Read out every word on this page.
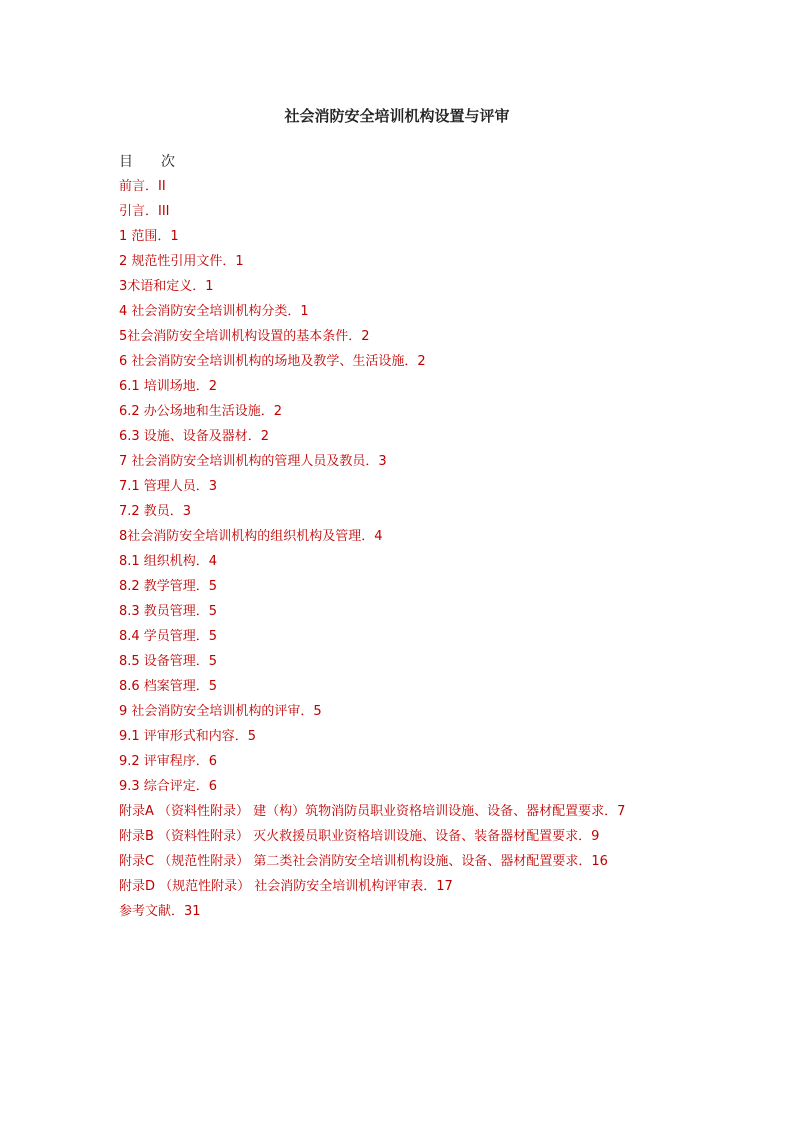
社会消防安全培训机构设置与评审
目 次
前言．II
引言．III
1 范围．1
2 规范性引用文件．1
3术语和定义．1
4 社会消防安全培训机构分类．1
5社会消防安全培训机构设置的基本条件．2
6 社会消防安全培训机构的场地及教学、生活设施．2
6.1 培训场地．2
6.2 办公场地和生活设施．2
6.3 设施、设备及器材．2
7 社会消防安全培训机构的管理人员及教员．3
7.1 管理人员．3
7.2 教员．3
8社会消防安全培训机构的组织机构及管理．4
8.1 组织机构．4
8.2 教学管理．5
8.3 教员管理．5
8.4 学员管理．5
8.5 设备管理．5
8.6 档案管理．5
9 社会消防安全培训机构的评审．5
9.1 评审形式和内容．5
9.2 评审程序．6
9.3 综合评定．6
附录A （资料性附录） 建（构）筑物消防员职业资格培训设施、设备、器材配置要求．7
附录B （资料性附录） 灭火救援员职业资格培训设施、设备、装备器材配置要求．9
附录C （规范性附录） 第二类社会消防安全培训机构设施、设备、器材配置要求．16
附录D （规范性附录） 社会消防安全培训机构评审表．17
参考文献．31
